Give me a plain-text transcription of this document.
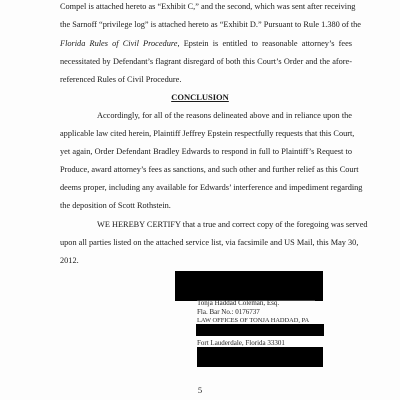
Compel is attached hereto as “Exhibit C,” and the second, which was sent after receiving
the Sarnoff “privilege log” is attached hereto as “Exhibit D.” Pursuant to Rule 1.380 of the
Florida Rules of Civil Procedure, Epstein is entitled to reasonable attorney’s fees
necessitated by Defendant’s flagrant disregard of both this Court’s Order and the afore-
referenced Rules of Civil Procedure.
CONCLUSION
Accordingly, for all of the reasons delineated above and in reliance upon the
applicable law cited herein, Plaintiff Jeffrey Epstein respectfully requests that this Court,
yet again, Order Defendant Bradley Edwards to respond in full to Plaintiff’s Request to
Produce, award attorney’s fees as sanctions, and such other and further relief as this Court
deems proper, including any available for Edwards’ interference and impediment regarding
the deposition of Scott Rothstein.
WE HEREBY CERTIFY that a true and correct copy of the foregoing was served
upon all parties listed on the attached service list, via facsimile and US Mail, this May 30,
2012.
Tonja Haddad Coleman, Esq.
Fla. Bar No.: 0176737
LAW OFFICES OF TONJA HADDAD, PA
Fort Lauderdale, Florida 33301
5
